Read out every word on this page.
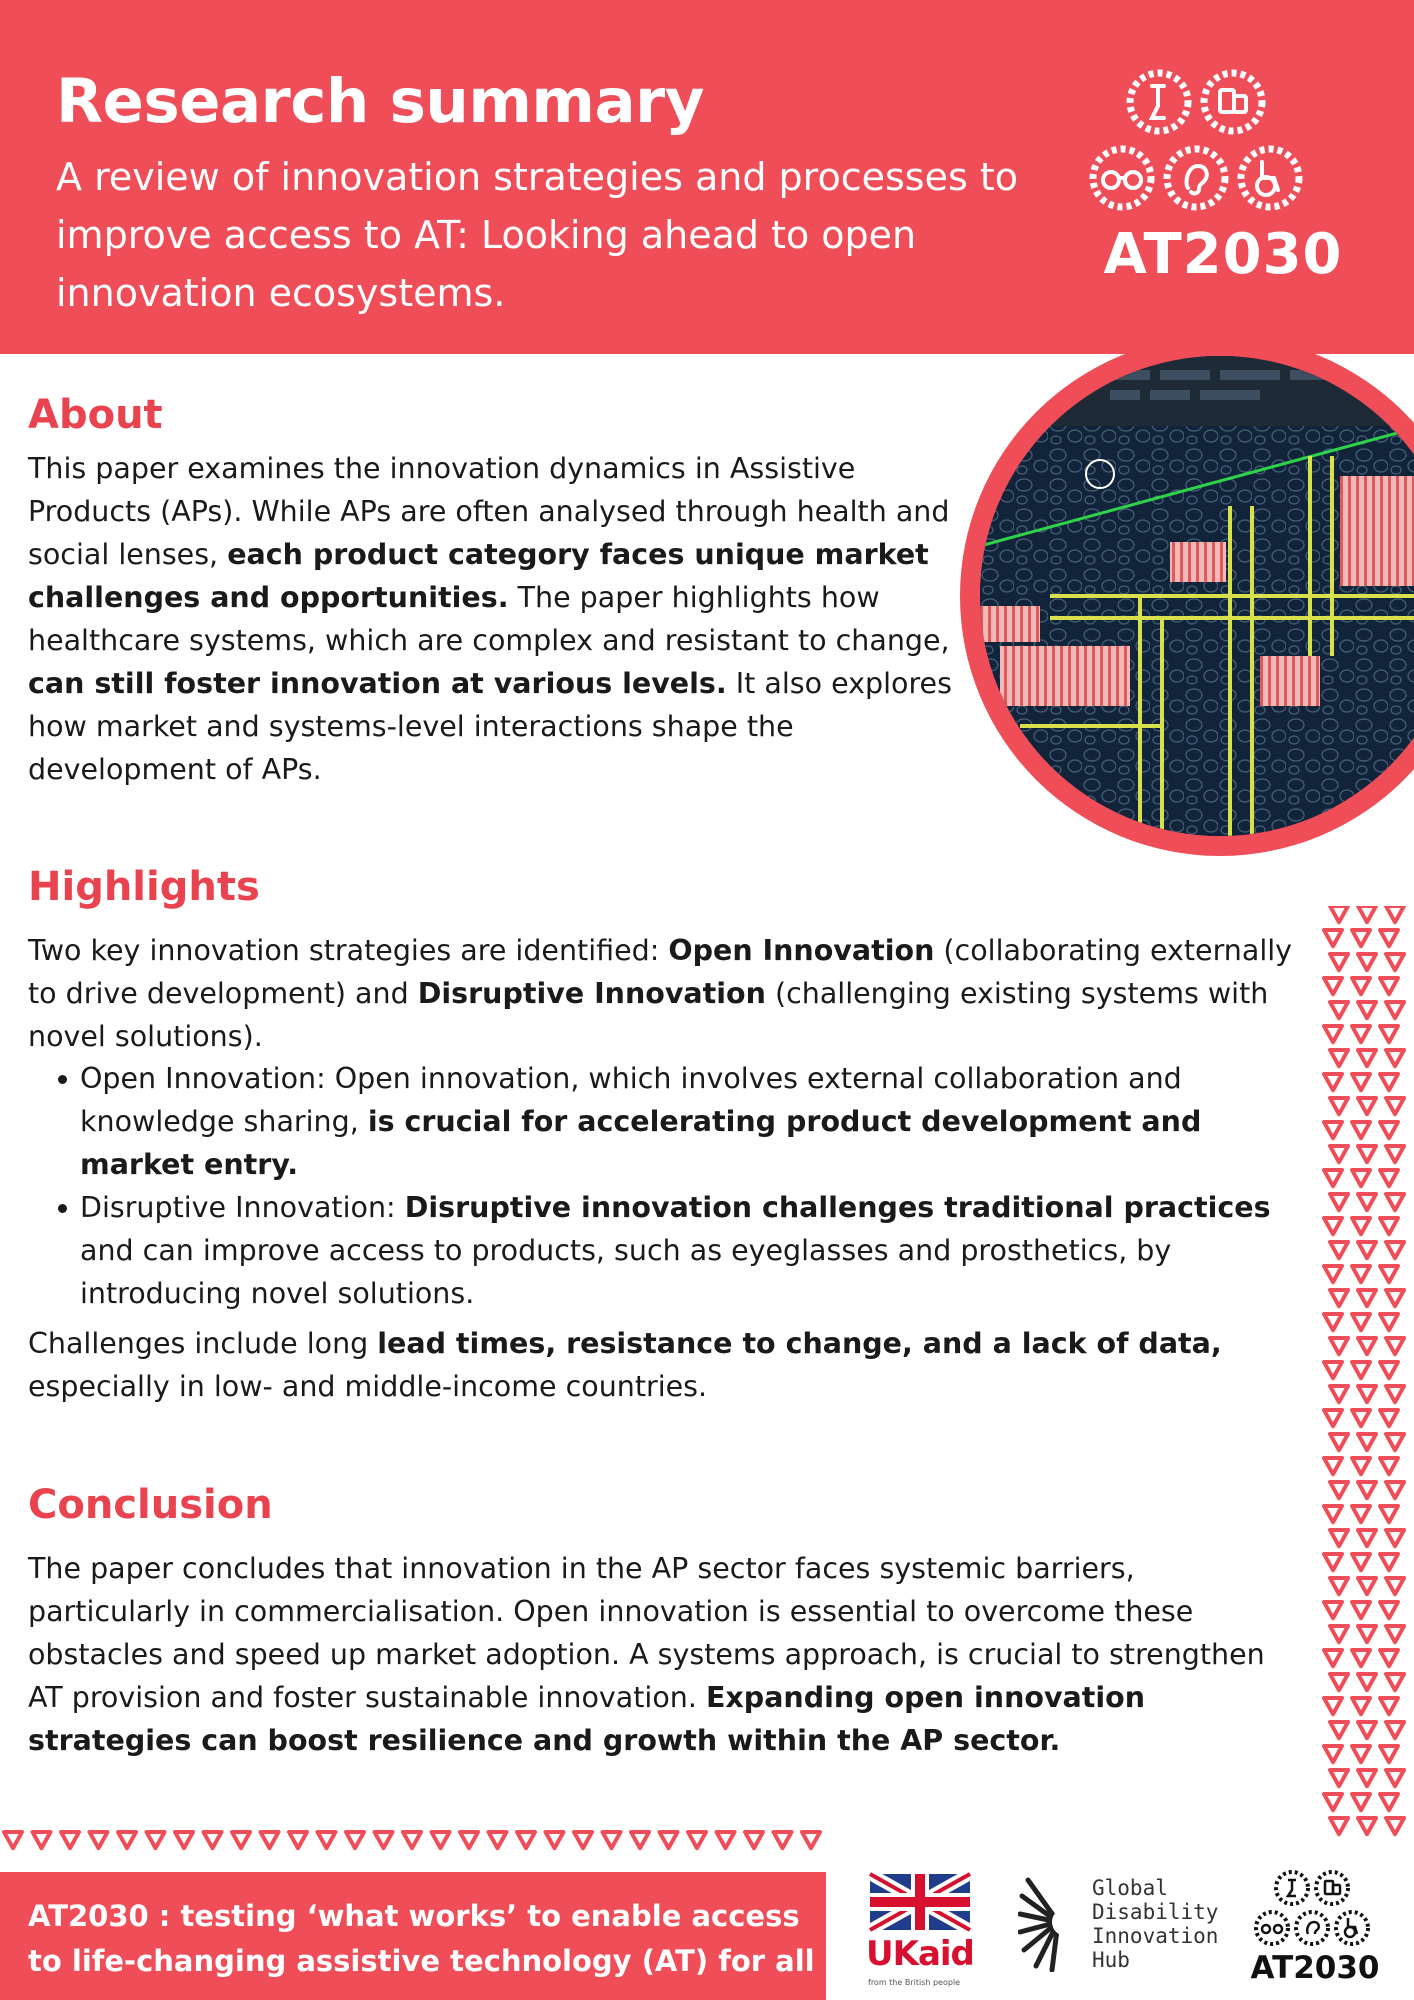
Research summary
A review of innovation strategies and processes to improve access to AT: Looking ahead to open innovation ecosystems.
AT2030
About

This paper examines the innovation dynamics in Assistive Products (APs). While APs are often analysed through health and social lenses, each product category faces unique market challenges and opportunities. The paper highlights how healthcare systems, which are complex and resistant to change, can still foster innovation at various levels. It also explores how market and systems-level interactions shape the development of APs.

Highlights

Two key innovation strategies are identified: Open Innovation (collaborating externally to drive development) and Disruptive Innovation (challenging existing systems with novel solutions).

Open Innovation: Open innovation, which involves external collaboration and knowledge sharing, is crucial for accelerating product development and market entry.
Disruptive Innovation: Disruptive innovation challenges traditional practices and can improve access to products, such as eyeglasses and prosthetics, by introducing novel solutions.

Challenges include long lead times, resistance to change, and a lack of data, especially in low- and middle-income countries.

Conclusion

The paper concludes that innovation in the AP sector faces systemic barriers, particularly in commercialisation. Open innovation is essential to overcome these obstacles and speed up market adoption. A systems approach, is crucial to strengthen AT provision and foster sustainable innovation. Expanding open innovation strategies can boost resilience and growth within the AP sector.

AT2030 : testing ‘what works’ to enable access to life-changing assistive technology (AT) for all UKaid
from the British people
Global
Disability
Innovation
Hub	AT2030
